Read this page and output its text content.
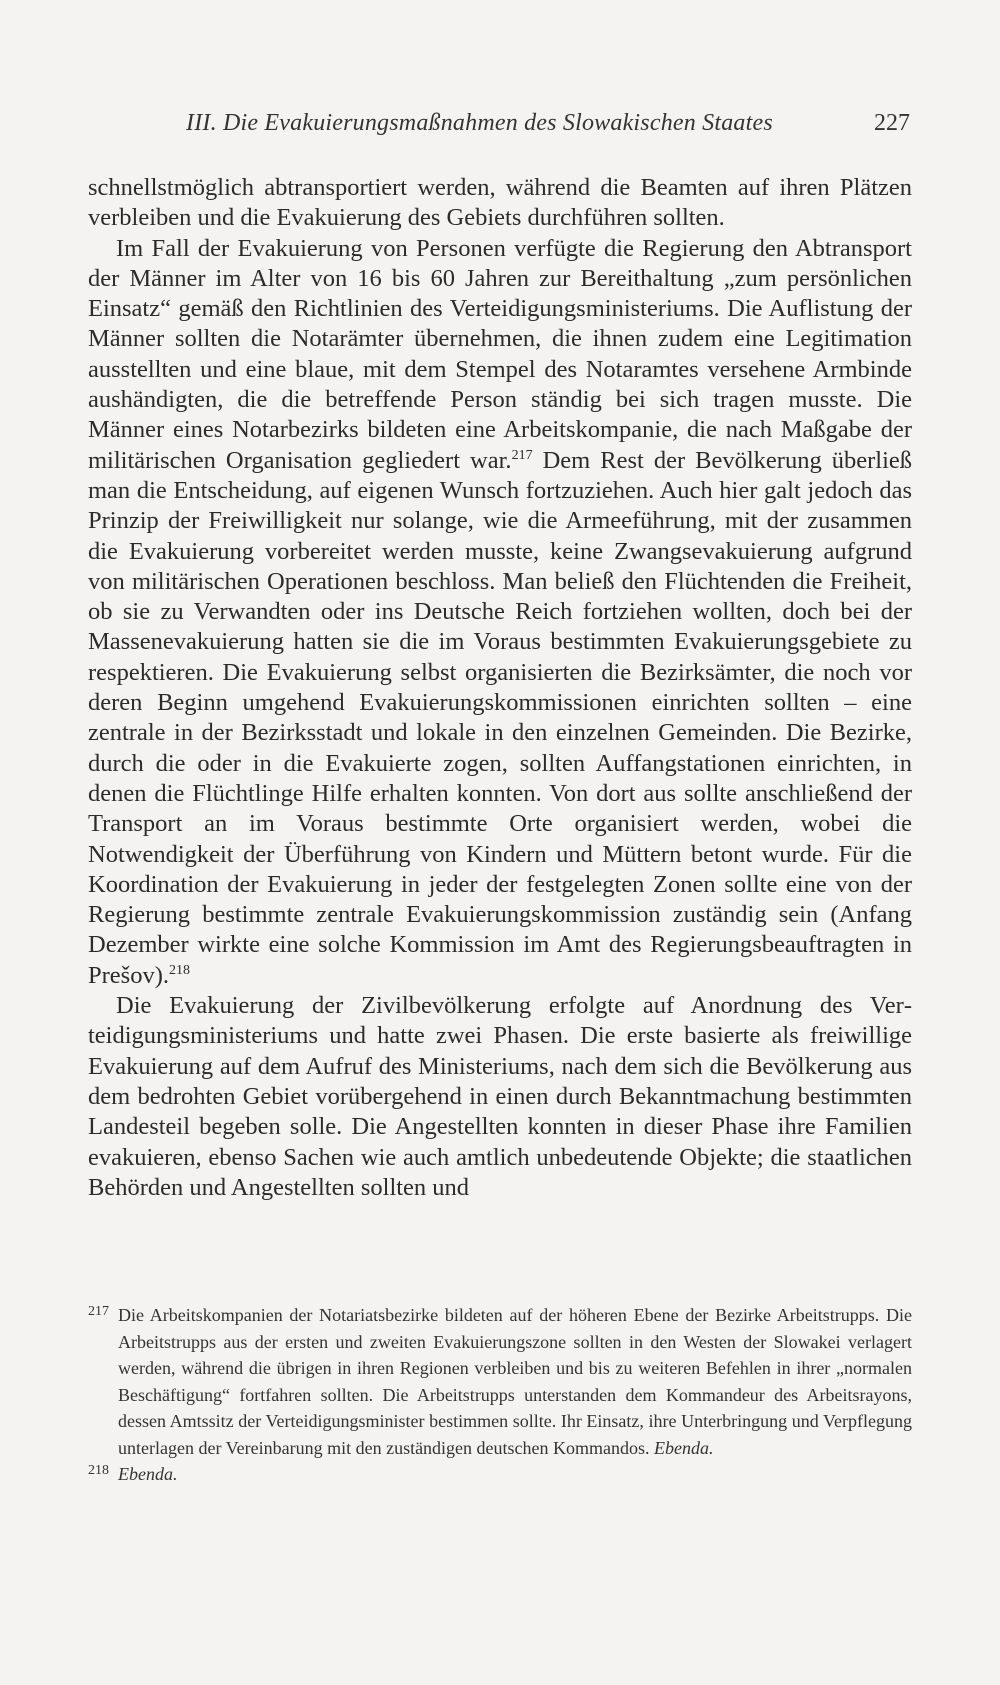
III. Die Evakuierungsmaßnahmen des Slowakischen Staates	227

schnellstmöglich abtransportiert werden, während die Beamten auf ihren Plätzen verbleiben und die Evakuierung des Gebiets durchführen sollten.

Im Fall der Evakuierung von Personen verfügte die Regierung den Abtransport der Männer im Alter von 16 bis 60 Jahren zur Bereithaltung „zum persönlichen Einsatz“ gemäß den Richtlinien des Verteidigungsministeriums. Die Auflistung der Männer sollten die Notarämter übernehmen, die ihnen zudem eine Legitimation ausstellten und eine blaue, mit dem Stempel des Notaramtes versehene Armbinde aushändigten, die die betreffende Person ständig bei sich tragen musste. Die Männer eines Notarbezirks bildeten eine Arbeitskompanie, die nach Maßgabe der militärischen Organisation gegliedert war.$^{217}$ Dem Rest der Bevölkerung überließ man die Entscheidung, auf eigenen Wunsch fortzuziehen. Auch hier galt jedoch das Prinzip der Freiwilligkeit nur solange, wie die Armeeführung, mit der zusammen die Evakuierung vorbereitet werden musste, keine Zwangsevakuierung aufgrund von militärischen Operationen beschloss. Man beließ den Flüchtenden die Freiheit, ob sie zu Verwandten oder ins Deutsche Reich fortziehen wollten, doch bei der Massenevakuierung hatten sie die im Voraus bestimmten Evakuierungsgebiete zu respektieren. Die Evakuierung selbst organisierten die Bezirksämter, die noch vor deren Beginn umgehend Evakuierungskommissionen einrichten sollten – eine zentrale in der Bezirksstadt und lokale in den einzelnen Gemeinden. Die Bezirke, durch die oder in die Evakuierte zogen, sollten Auffangstationen einrichten, in denen die Flüchtlinge Hilfe erhalten konnten. Von dort aus sollte anschließend der Transport an im Voraus bestimmte Orte organisiert werden, wobei die Notwendigkeit der Überführung von Kindern und Müttern betont wurde. Für die Koordination der Evakuierung in jeder der festgelegten Zonen sollte eine von der Regierung bestimmte zentrale Evakuierungskommission zuständig sein (Anfang Dezember wirkte eine solche Kommission im Amt des Regierungsbeauftragten in Prešov).$^{218}$

Die Evakuierung der Zivilbevölkerung erfolgte auf Anordnung des Verteidigungsministeriums und hatte zwei Phasen. Die erste basierte als freiwillige Evakuierung auf dem Aufruf des Ministeriums, nach dem sich die Bevölkerung aus dem bedrohten Gebiet vorübergehend in einen durch Bekanntmachung bestimmten Landesteil begeben solle. Die Angestellten konnten in dieser Phase ihre Familien evakuieren, ebenso Sachen wie auch amtlich unbedeutende Objekte; die staatlichen Behörden und Angestellten sollten und

217 Die Arbeitskompanien der Notariatsbezirke bildeten auf der höheren Ebene der Bezirke Arbeitstrupps. Die Arbeitstrupps aus der ersten und zweiten Evakuierungszone sollten in den Westen der Slowakei verlagert werden, während die übrigen in ihren Regionen verbleiben und bis zu weiteren Befehlen in ihrer „normalen Beschäftigung“ fortfahren sollten. Die Arbeitstrupps unterstanden dem Kommandeur des Arbeitsrayons, dessen Amtssitz der Verteidigungsminister bestimmen sollte. Ihr Einsatz, ihre Unterbringung und Verpflegung unterlagen der Vereinbarung mit den zuständigen deutschen Kommandos. Ebenda.

218 Ebenda.
